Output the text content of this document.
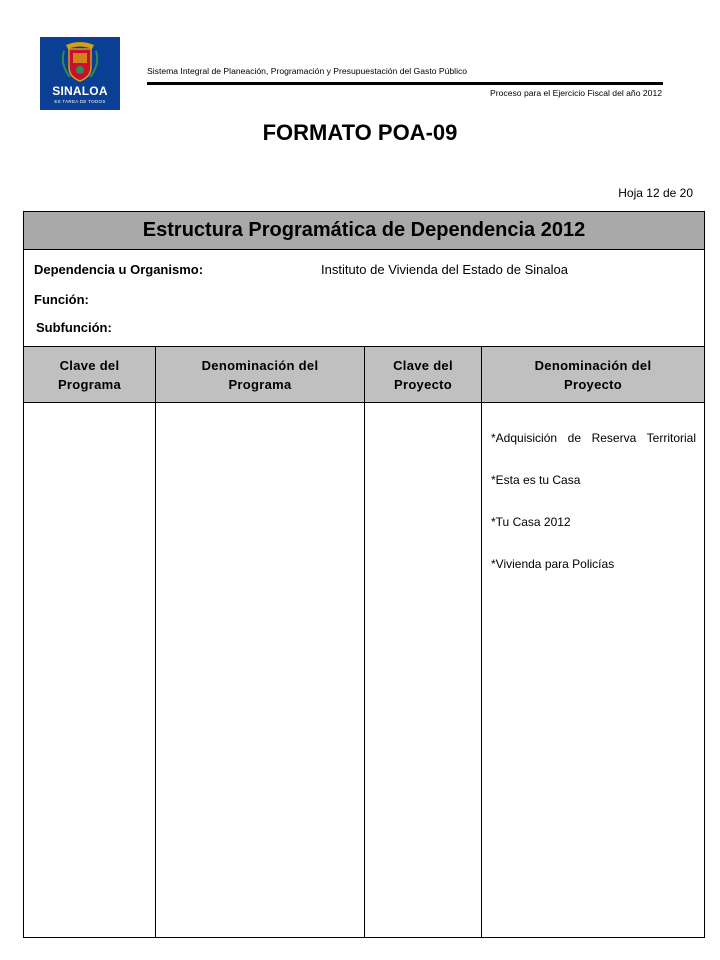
SINALOA
ES TAREA DE TODOS
Sistema Integral de Planeación, Programación y Presupuestación del Gasto Público
Proceso para el Ejercicio Fiscal del año 2012
FORMATO POA-09
Hoja 12 de 20
Estructura Programática de Dependencia 2012
Dependencia u Organismo:	Instituto de Vivienda del Estado de Sinaloa
Función:
Subfunción:
Clave del Programa
Denominación del Programa
Clave del Proyecto
Denominación del Proyecto
*Adquisición de Reserva Territorial
*Esta es tu Casa
*Tu Casa 2012
*Vivienda para Policías
